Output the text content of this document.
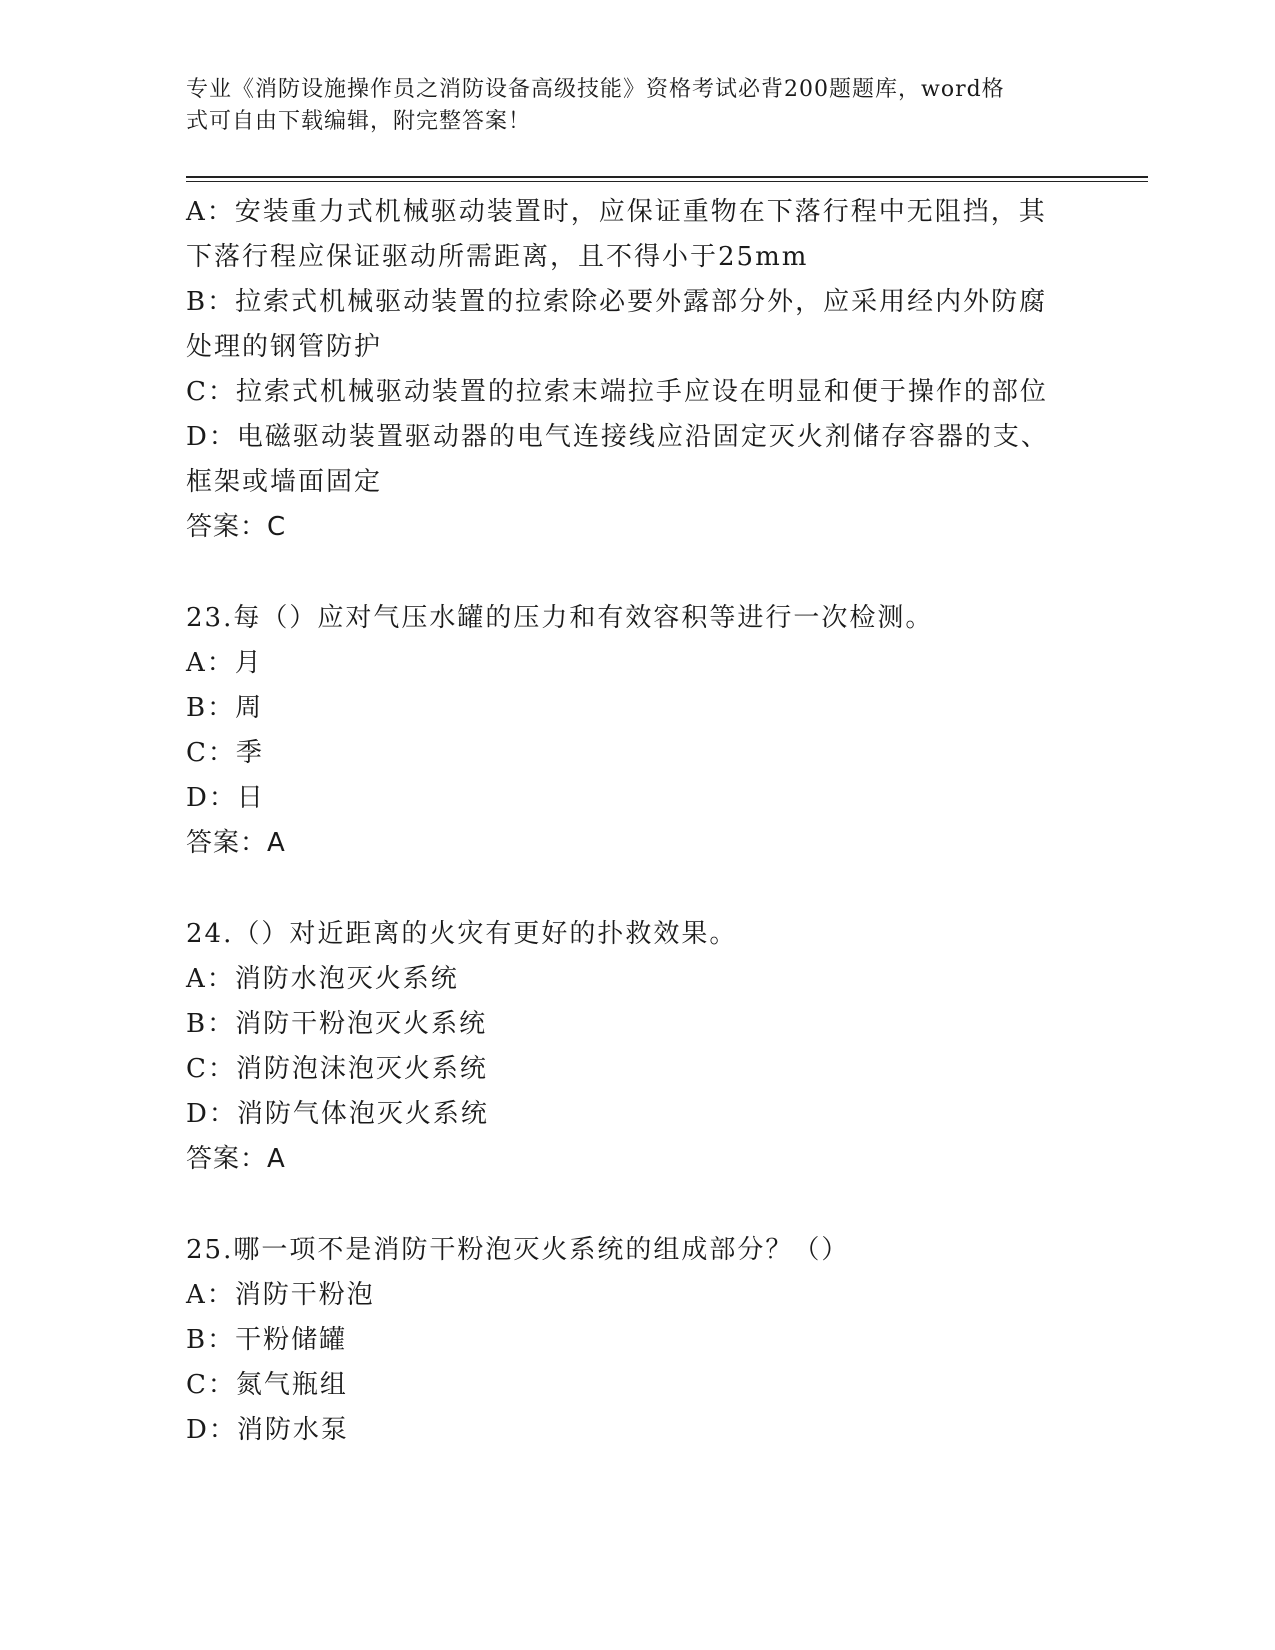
专业《消防设施操作员之消防设备高级技能》资格考试必背200题题库，word格
式可自由下载编辑，附完整答案！
A：安装重力式机械驱动装置时，应保证重物在下落行程中无阻挡，其
下落行程应保证驱动所需距离，且不得小于25mm
B：拉索式机械驱动装置的拉索除必要外露部分外，应采用经内外防腐
处理的钢管防护
C：拉索式机械驱动装置的拉索末端拉手应设在明显和便于操作的部位
D：电磁驱动装置驱动器的电气连接线应沿固定灭火剂储存容器的支、
框架或墙面固定
答案：C
23.每（）应对气压水罐的压力和有效容积等进行一次检测。
A：月
B：周
C：季
D：日
答案：A
24.（）对近距离的火灾有更好的扑救效果。
A：消防水泡灭火系统
B：消防干粉泡灭火系统
C：消防泡沫泡灭火系统
D：消防气体泡灭火系统
答案：A
25.哪一项不是消防干粉泡灭火系统的组成部分？（）
A：消防干粉泡
B：干粉储罐
C：氮气瓶组
D：消防水泵
